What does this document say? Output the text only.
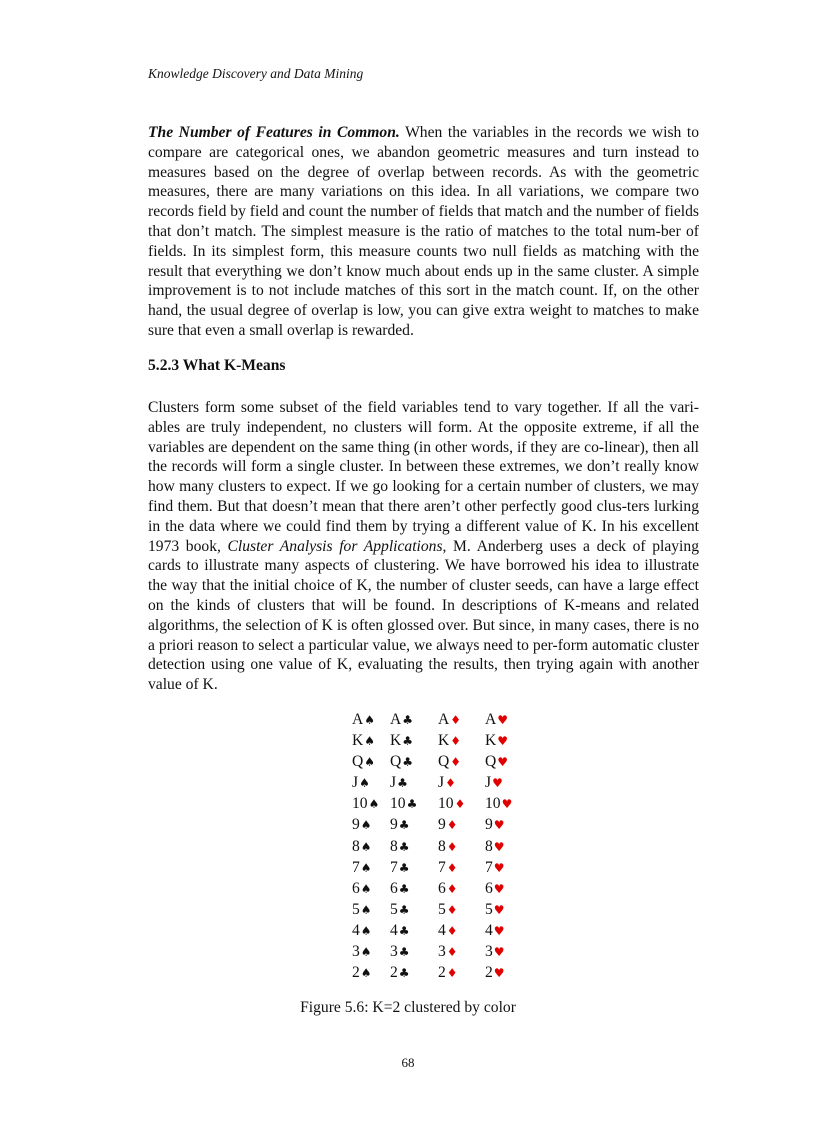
Knowledge Discovery and Data Mining

The Number of Features in Common. When the variables in the records we wish to compare are categorical ones, we abandon geometric measures and turn instead to measures based on the degree of overlap between records. As with the geometric measures, there are many variations on this idea. In all variations, we compare two records field by field and count the number of fields that match and the number of fields that don’t match. The simplest measure is the ratio of matches to the total num-ber of fields. In its simplest form, this measure counts two null fields as matching with the result that everything we don’t know much about ends up in the same cluster. A simple improvement is to not include matches of this sort in the match count. If, on the other hand, the usual degree of overlap is low, you can give extra weight to matches to make sure that even a small overlap is rewarded.

5.2.3 What K-Means

Clusters form some subset of the field variables tend to vary together. If all the vari-ables are truly independent, no clusters will form. At the opposite extreme, if all the variables are dependent on the same thing (in other words, if they are co-linear), then all the records will form a single cluster. In between these extremes, we don’t really know how many clusters to expect. If we go looking for a certain number of clusters, we may find them. But that doesn’t mean that there aren’t other perfectly good clus-ters lurking in the data where we could find them by trying a different value of K. In his excellent 1973 book, Cluster Analysis for Applications, M. Anderberg uses a deck of playing cards to illustrate many aspects of clustering. We have borrowed his idea to illustrate the way that the initial choice of K, the number of cluster seeds, can have a large effect on the kinds of clusters that will be found. In descriptions of K-means and related algorithms, the selection of K is often glossed over. But since, in many cases, there is no a priori reason to select a particular value, we always need to per-form automatic cluster detection using one value of K, evaluating the results, then trying again with another value of K.

A♠ A♣ A♦ A♥
K♠ K♣ K♦ K♥
Q♠ Q♣ Q♦ Q♥
J♠ J♣ J♦ J♥
10♠ 10♣ 10♦ 10♥
9♠ 9♣ 9♦ 9♥
8♠ 8♣ 8♦ 8♥
7♠ 7♣ 7♦ 7♥
6♠ 6♣ 6♦ 6♥
5♠ 5♣ 5♦ 5♥
4♠ 4♣ 4♦ 4♥
3♠ 3♣ 3♦ 3♥
2♠ 2♣ 2♦ 2♥

Figure 5.6: K=2 clustered by color

68
